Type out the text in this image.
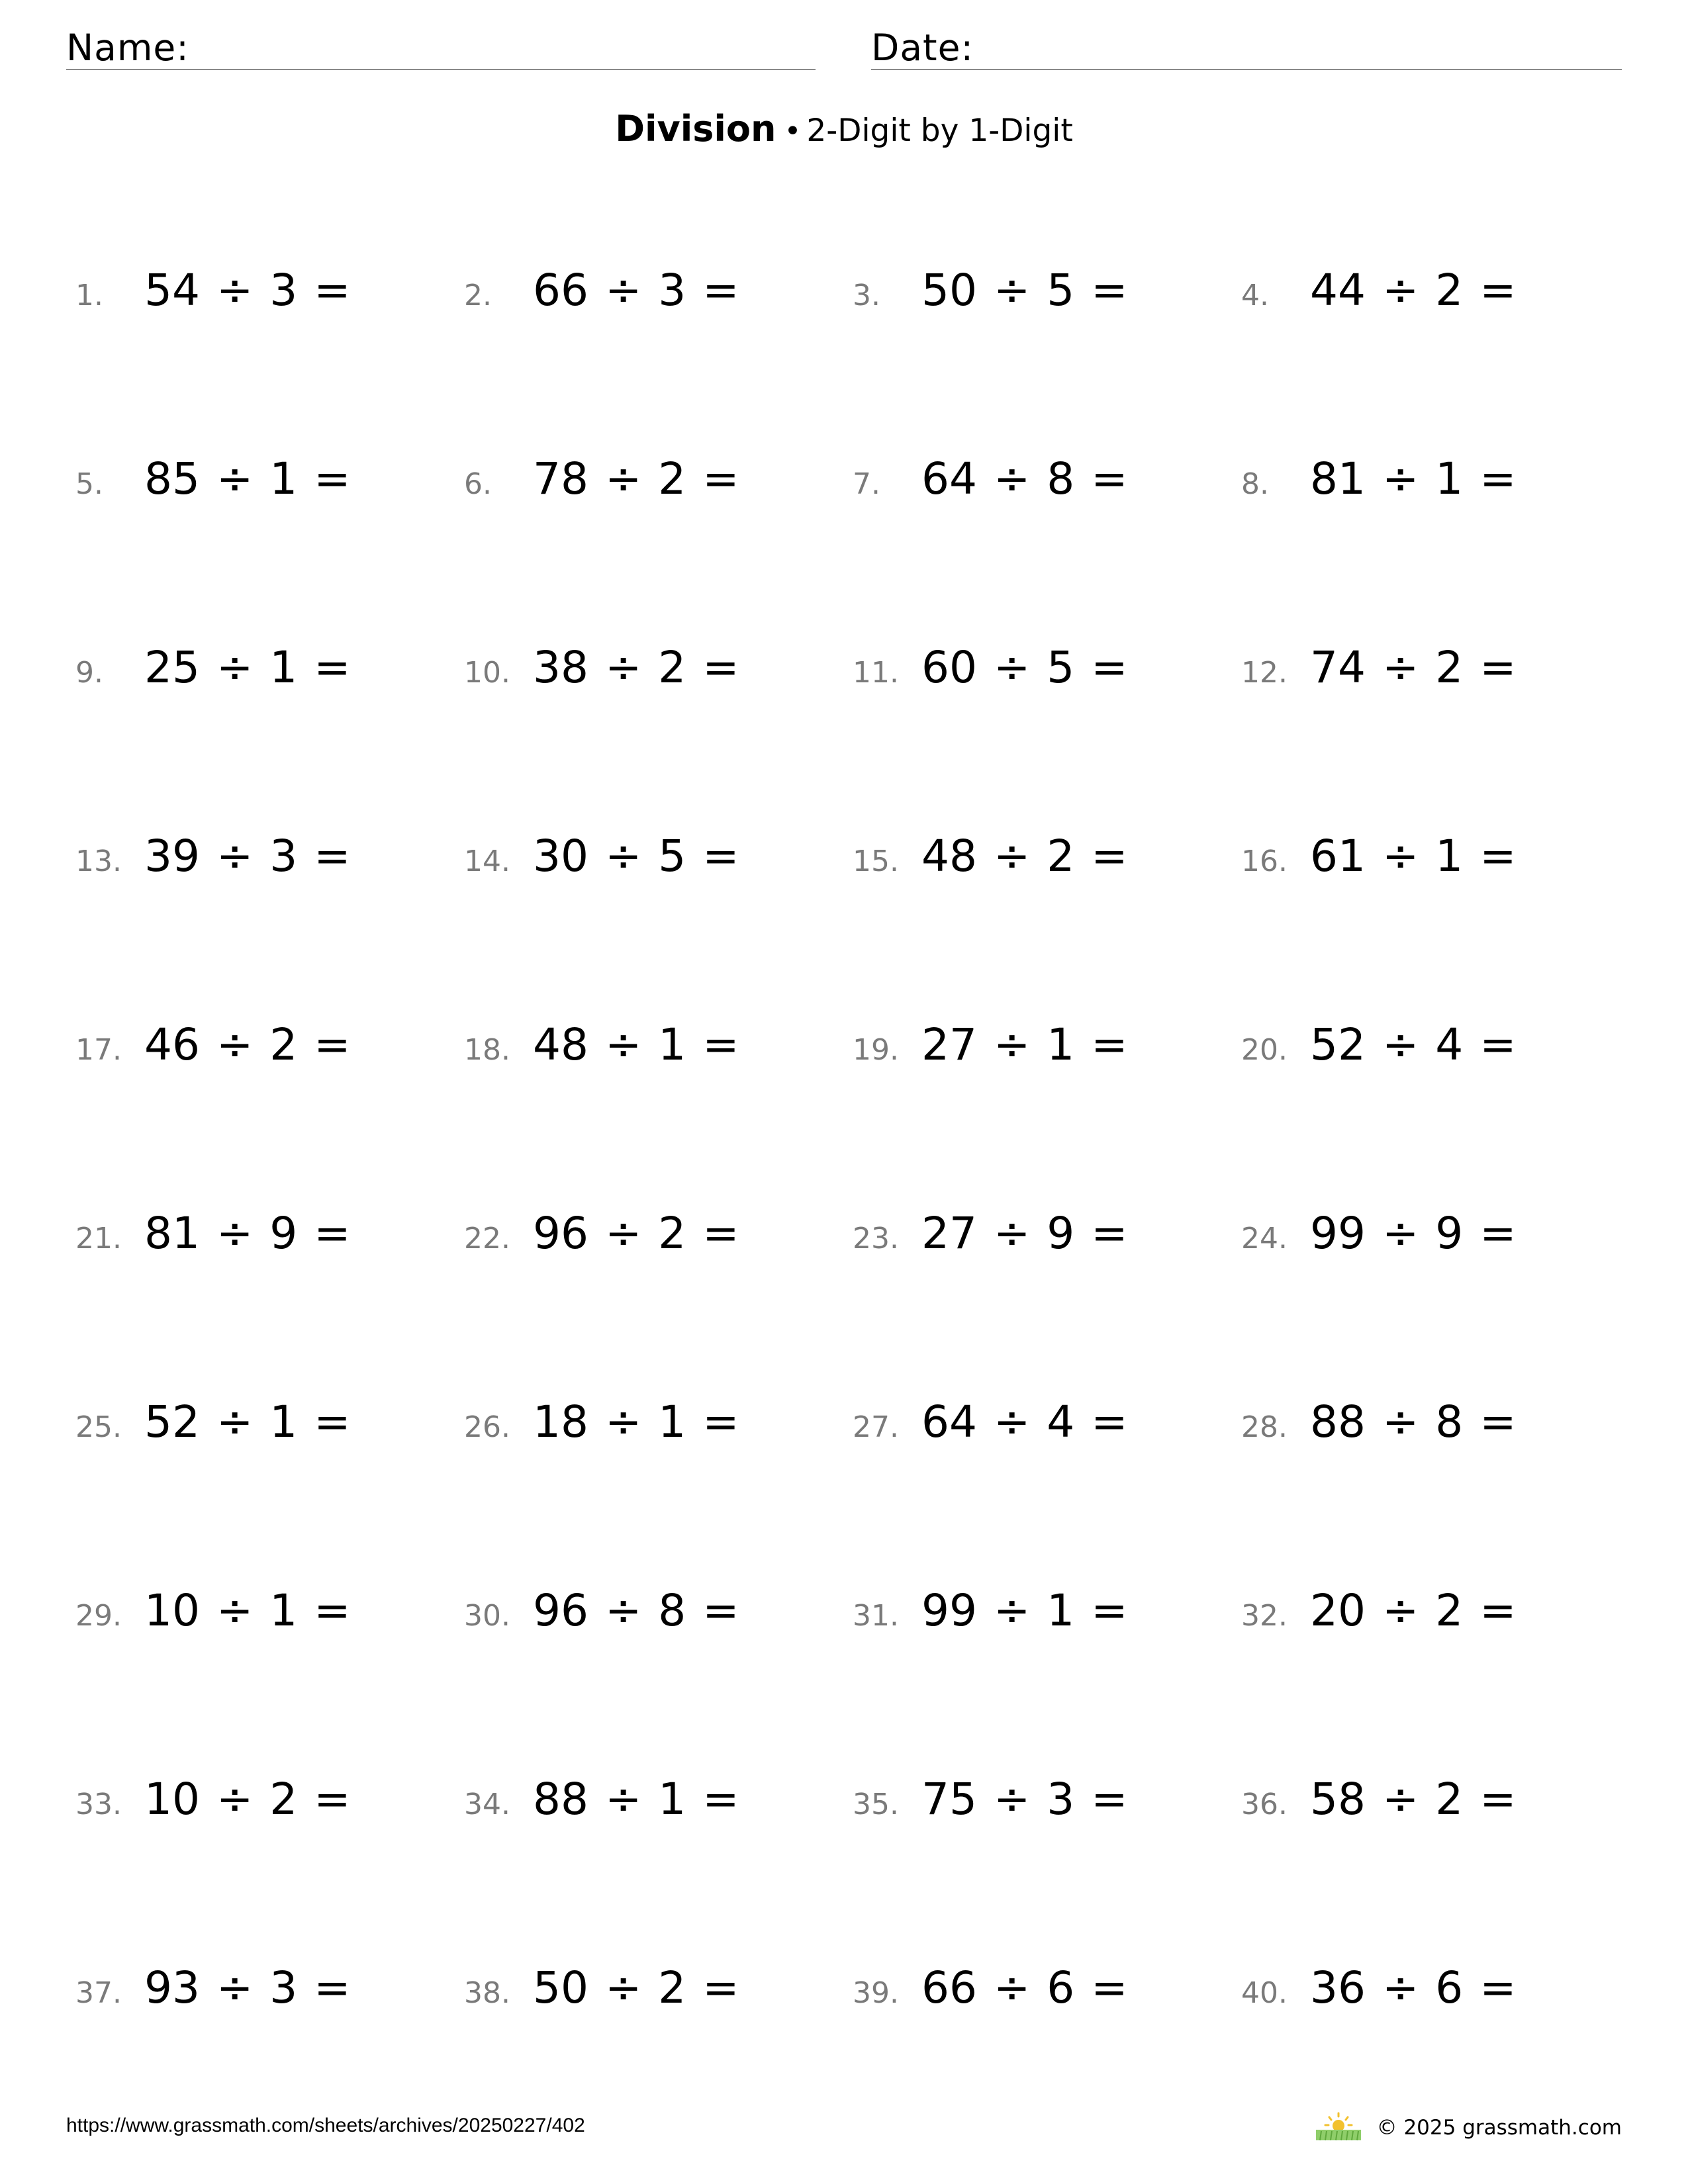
Name:	Date:
Division • 2-Digit by 1-Digit
1. 54 ÷ 3 =	2. 66 ÷ 3 =	3. 50 ÷ 5 =	4. 44 ÷ 2 =
5. 85 ÷ 1 =	6. 78 ÷ 2 =	7. 64 ÷ 8 =	8. 81 ÷ 1 =
9. 25 ÷ 1 =	10. 38 ÷ 2 =	11. 60 ÷ 5 =	12. 74 ÷ 2 =
13. 39 ÷ 3 =	14. 30 ÷ 5 =	15. 48 ÷ 2 =	16. 61 ÷ 1 =
17. 46 ÷ 2 =	18. 48 ÷ 1 =	19. 27 ÷ 1 =	20. 52 ÷ 4 =
21. 81 ÷ 9 =	22. 96 ÷ 2 =	23. 27 ÷ 9 =	24. 99 ÷ 9 =
25. 52 ÷ 1 =	26. 18 ÷ 1 =	27. 64 ÷ 4 =	28. 88 ÷ 8 =
29. 10 ÷ 1 =	30. 96 ÷ 8 =	31. 99 ÷ 1 =	32. 20 ÷ 2 =
33. 10 ÷ 2 =	34. 88 ÷ 1 =	35. 75 ÷ 3 =	36. 58 ÷ 2 =
37. 93 ÷ 3 =	38. 50 ÷ 2 =	39. 66 ÷ 6 =	40. 36 ÷ 6 =
https://www.grassmath.com/sheets/archives/20250227/402	© 2025 grassmath.com
